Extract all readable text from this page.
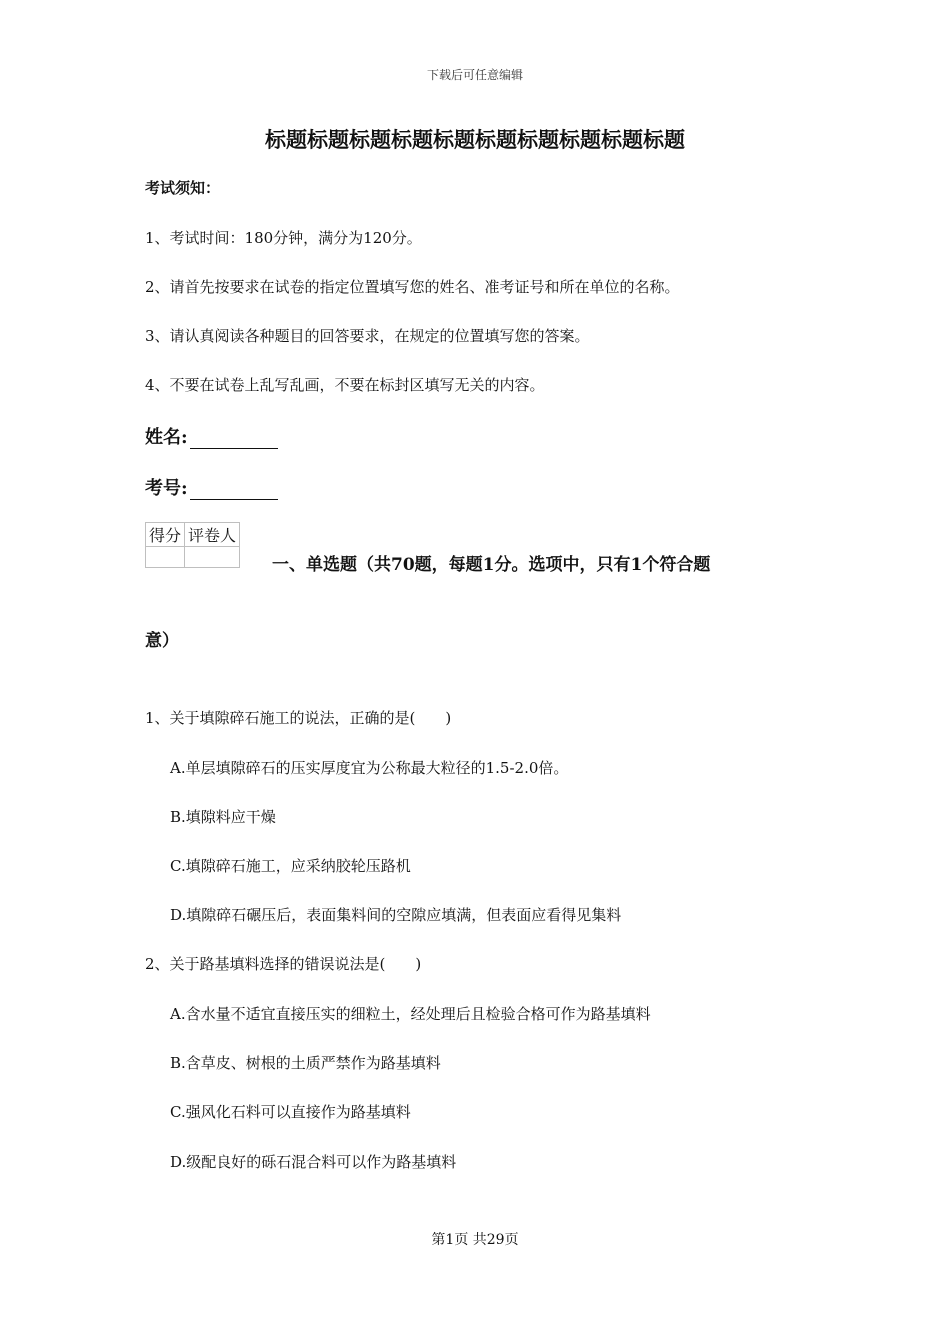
下载后可任意编辑
标题标题标题标题标题标题标题标题标题标题
考试须知：
1、考试时间：180分钟，满分为120分。
2、请首先按要求在试卷的指定位置填写您的姓名、准考证号和所在单位的名称。
3、请认真阅读各种题目的回答要求，在规定的位置填写您的答案。
4、不要在试卷上乱写乱画，不要在标封区填写无关的内容。
姓名:
考号:
得分	评卷人

一、单选题（共70题，每题1分。选项中，只有1个符合题
意）
1、关于填隙碎石施工的说法，正确的是(　　)
A.单层填隙碎石的压实厚度宜为公称最大粒径的1.5-2.0倍。
B.填隙料应干燥
C.填隙碎石施工，应采纳胶轮压路机
D.填隙碎石碾压后，表面集料间的空隙应填满，但表面应看得见集料
2、关于路基填料选择的错误说法是(　　)
A.含水量不适宜直接压实的细粒土，经处理后且检验合格可作为路基填料
B.含草皮、树根的土质严禁作为路基填料
C.强风化石料可以直接作为路基填料
D.级配良好的砾石混合料可以作为路基填料
第1页 共29页
